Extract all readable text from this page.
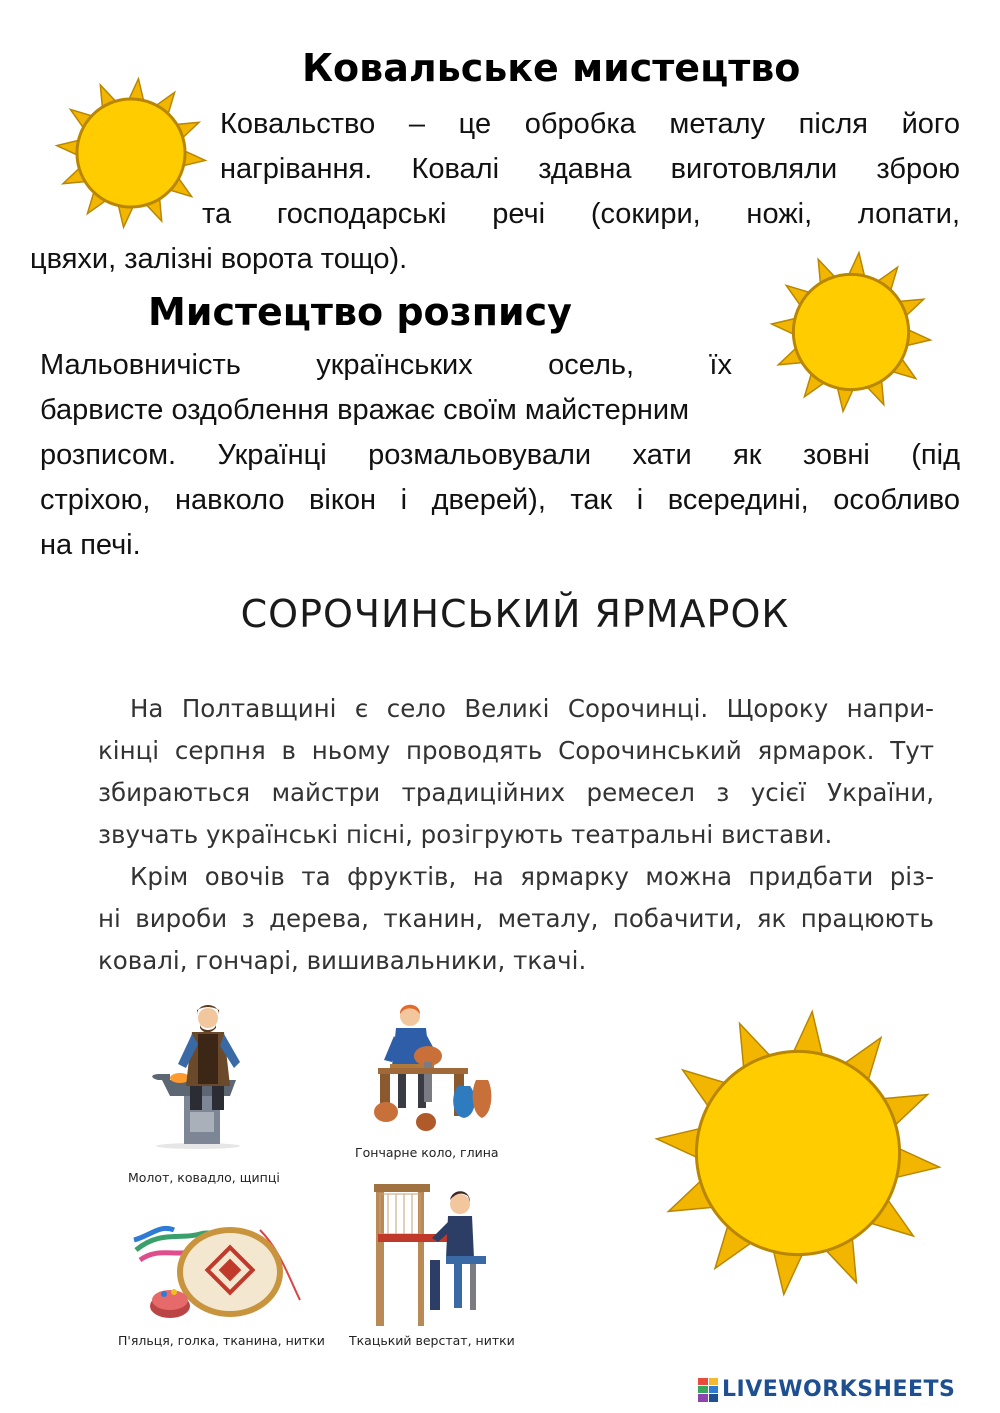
Ковальське мистецтво
Ковальство – це обробка металу після його
нагрівання. Ковалі здавна виготовляли зброю
та господарські речі (сокири, ножі, лопати,
цвяхи, залізні ворота тощо).
Мистецтво розпису
Мальовничість українських осель, їх
барвисте оздоблення вражає своїм майстерним
розписом. Українці розмальовували хати як зовні (під
стріхою, навколо вікон і дверей), так і всередині, особливо
на печі.
СОРОЧИНСЬКИЙ ЯРМАРОК
На Полтавщині є село Великі Сорочинці. Щороку напри-
кінці серпня в ньому проводять Сорочинський ярмарок. Тут
збираються майстри традиційних ремесел з усієї України,
звучать українські пісні, розігрують театральні вистави.
Крім овочів та фруктів, на ярмарку можна придбати різ-
ні вироби з дерева, тканин, металу, побачити, як працюють
ковалі, гончарі, вишивальники, ткачі.
Молот, ковадло, щипці
Гончарне коло, глина
П'яльця, голка, тканина, нитки Ткацький верстат, нитки
LIVEWORKSHEETS
